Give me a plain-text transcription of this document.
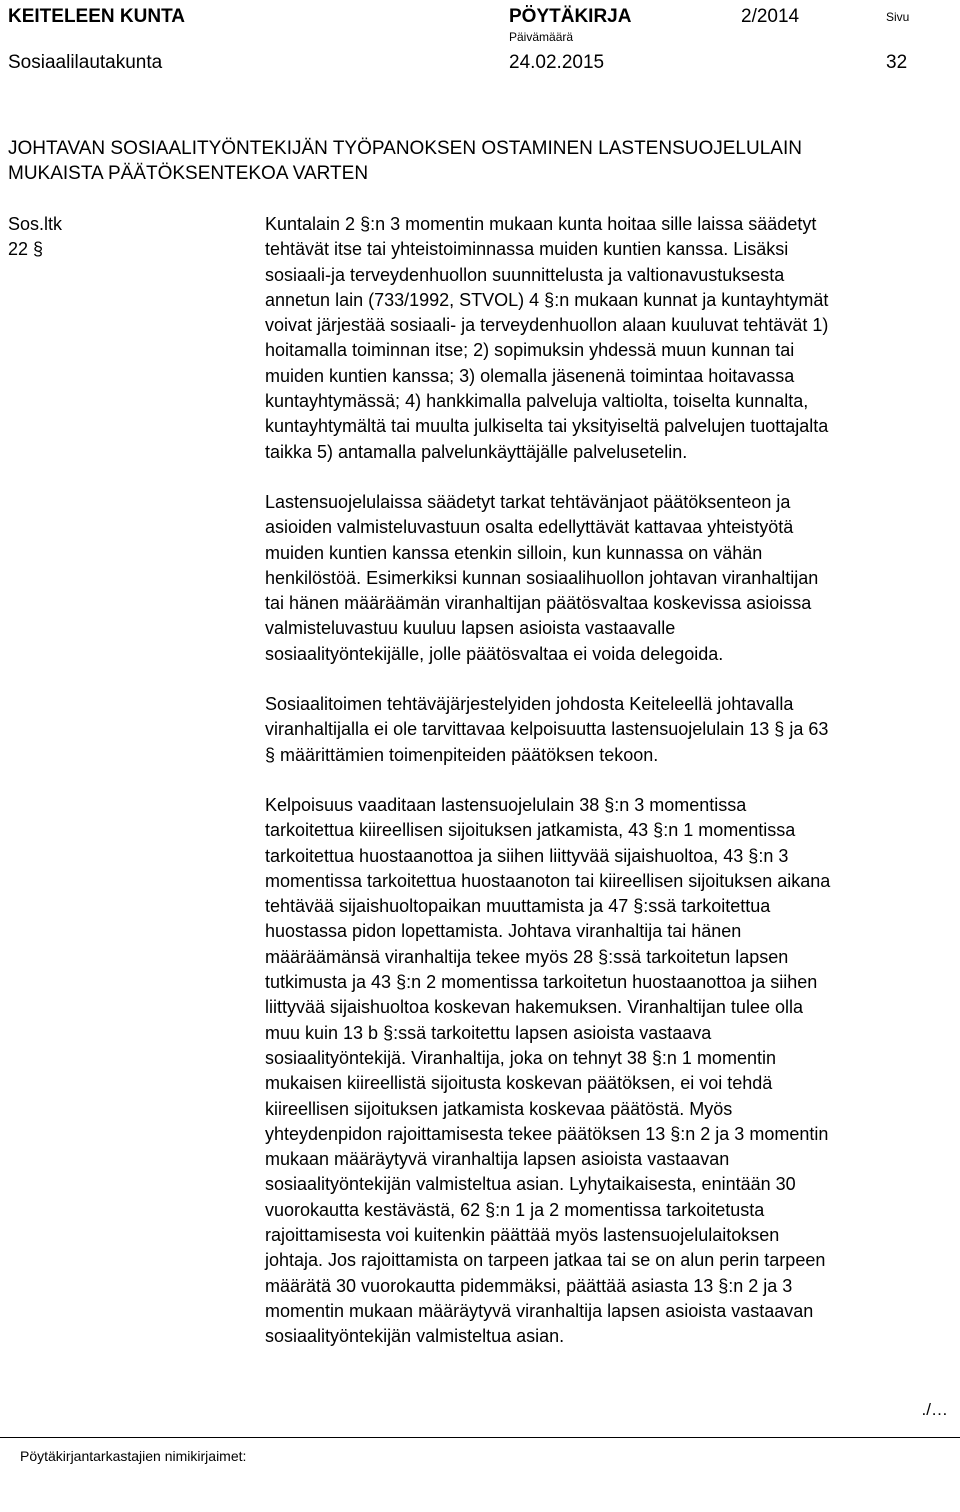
KEITELEEN KUNTA	PÖYTÄKIRJA	2/2014	Sivu
Päivämäärä
Sosiaalilautakunta	24.02.2015	32
JOHTAVAN SOSIAALITYÖNTEKIJÄN TYÖPANOKSEN OSTAMINEN LASTENSUOJELULAIN
MUKAISTA PÄÄTÖKSENTEKOA VARTEN
Sos.ltk
22 §

Kuntalain 2 §:n 3 momentin mukaan kunta hoitaa sille laissa säädetyt
tehtävät itse tai yhteistoiminnassa muiden kuntien kanssa. Lisäksi
sosiaali-ja terveydenhuollon suunnittelusta ja valtionavustuksesta
annetun lain (733/1992, STVOL) 4 §:n mukaan kunnat ja kuntayhtymät
voivat järjestää sosiaali- ja terveydenhuollon alaan kuuluvat tehtävät 1)
hoitamalla toiminnan itse; 2) sopimuksin yhdessä muun kunnan tai
muiden kuntien kanssa; 3) olemalla jäsenenä toimintaa hoitavassa
kuntayhtymässä; 4) hankkimalla palveluja valtiolta, toiselta kunnalta,
kuntayhtymältä tai muulta julkiselta tai yksityiseltä palvelujen tuottajalta
taikka 5) antamalla palvelunkäyttäjälle palvelusetelin.

Lastensuojelulaissa säädetyt tarkat tehtävänjaot päätöksenteon ja
asioiden valmisteluvastuun osalta edellyttävät kattavaa yhteistyötä
muiden kuntien kanssa etenkin silloin, kun kunnassa on vähän
henkilöstöä. Esimerkiksi kunnan sosiaalihuollon johtavan viranhaltijan
tai hänen määräämän viranhaltijan päätösvaltaa koskevissa asioissa
valmisteluvastuu kuuluu lapsen asioista vastaavalle
sosiaalityöntekijälle, jolle päätösvaltaa ei voida delegoida.

Sosiaalitoimen tehtäväjärjestelyiden johdosta Keiteleellä johtavalla
viranhaltijalla ei ole tarvittavaa kelpoisuutta lastensuojelulain 13 § ja 63
§ määrittämien toimenpiteiden päätöksen tekoon.

Kelpoisuus vaaditaan lastensuojelulain 38 §:n 3 momentissa
tarkoitettua kiireellisen sijoituksen jatkamista, 43 §:n 1 momentissa
tarkoitettua huostaanottoa ja siihen liittyvää sijaishuoltoa, 43 §:n 3
momentissa tarkoitettua huostaanoton tai kiireellisen sijoituksen aikana
tehtävää sijaishuoltopaikan muuttamista ja 47 §:ssä tarkoitettua
huostassa pidon lopettamista. Johtava viranhaltija tai hänen
määräämänsä viranhaltija tekee myös 28 §:ssä tarkoitetun lapsen
tutkimusta ja 43 §:n 2 momentissa tarkoitetun huostaanottoa ja siihen
liittyvää sijaishuoltoa koskevan hakemuksen. Viranhaltijan tulee olla
muu kuin 13 b §:ssä tarkoitettu lapsen asioista vastaava
sosiaalityöntekijä. Viranhaltija, joka on tehnyt 38 §:n 1 momentin
mukaisen kiireellistä sijoitusta koskevan päätöksen, ei voi tehdä
kiireellisen sijoituksen jatkamista koskevaa päätöstä. Myös
yhteydenpidon rajoittamisesta tekee päätöksen 13 §:n 2 ja 3 momentin
mukaan määräytyvä viranhaltija lapsen asioista vastaavan
sosiaalityöntekijän valmisteltua asian. Lyhytaikaisesta, enintään 30
vuorokautta kestävästä, 62 §:n 1 ja 2 momentissa tarkoitetusta
rajoittamisesta voi kuitenkin päättää myös lastensuojelulaitoksen
johtaja. Jos rajoittamista on tarpeen jatkaa tai se on alun perin tarpeen
määrätä 30 vuorokautta pidemmäksi, päättää asiasta 13 §:n 2 ja 3
momentin mukaan määräytyvä viranhaltija lapsen asioista vastaavan
sosiaalityöntekijän valmisteltua asian.

./…
Pöytäkirjantarkastajien nimikirjaimet:
